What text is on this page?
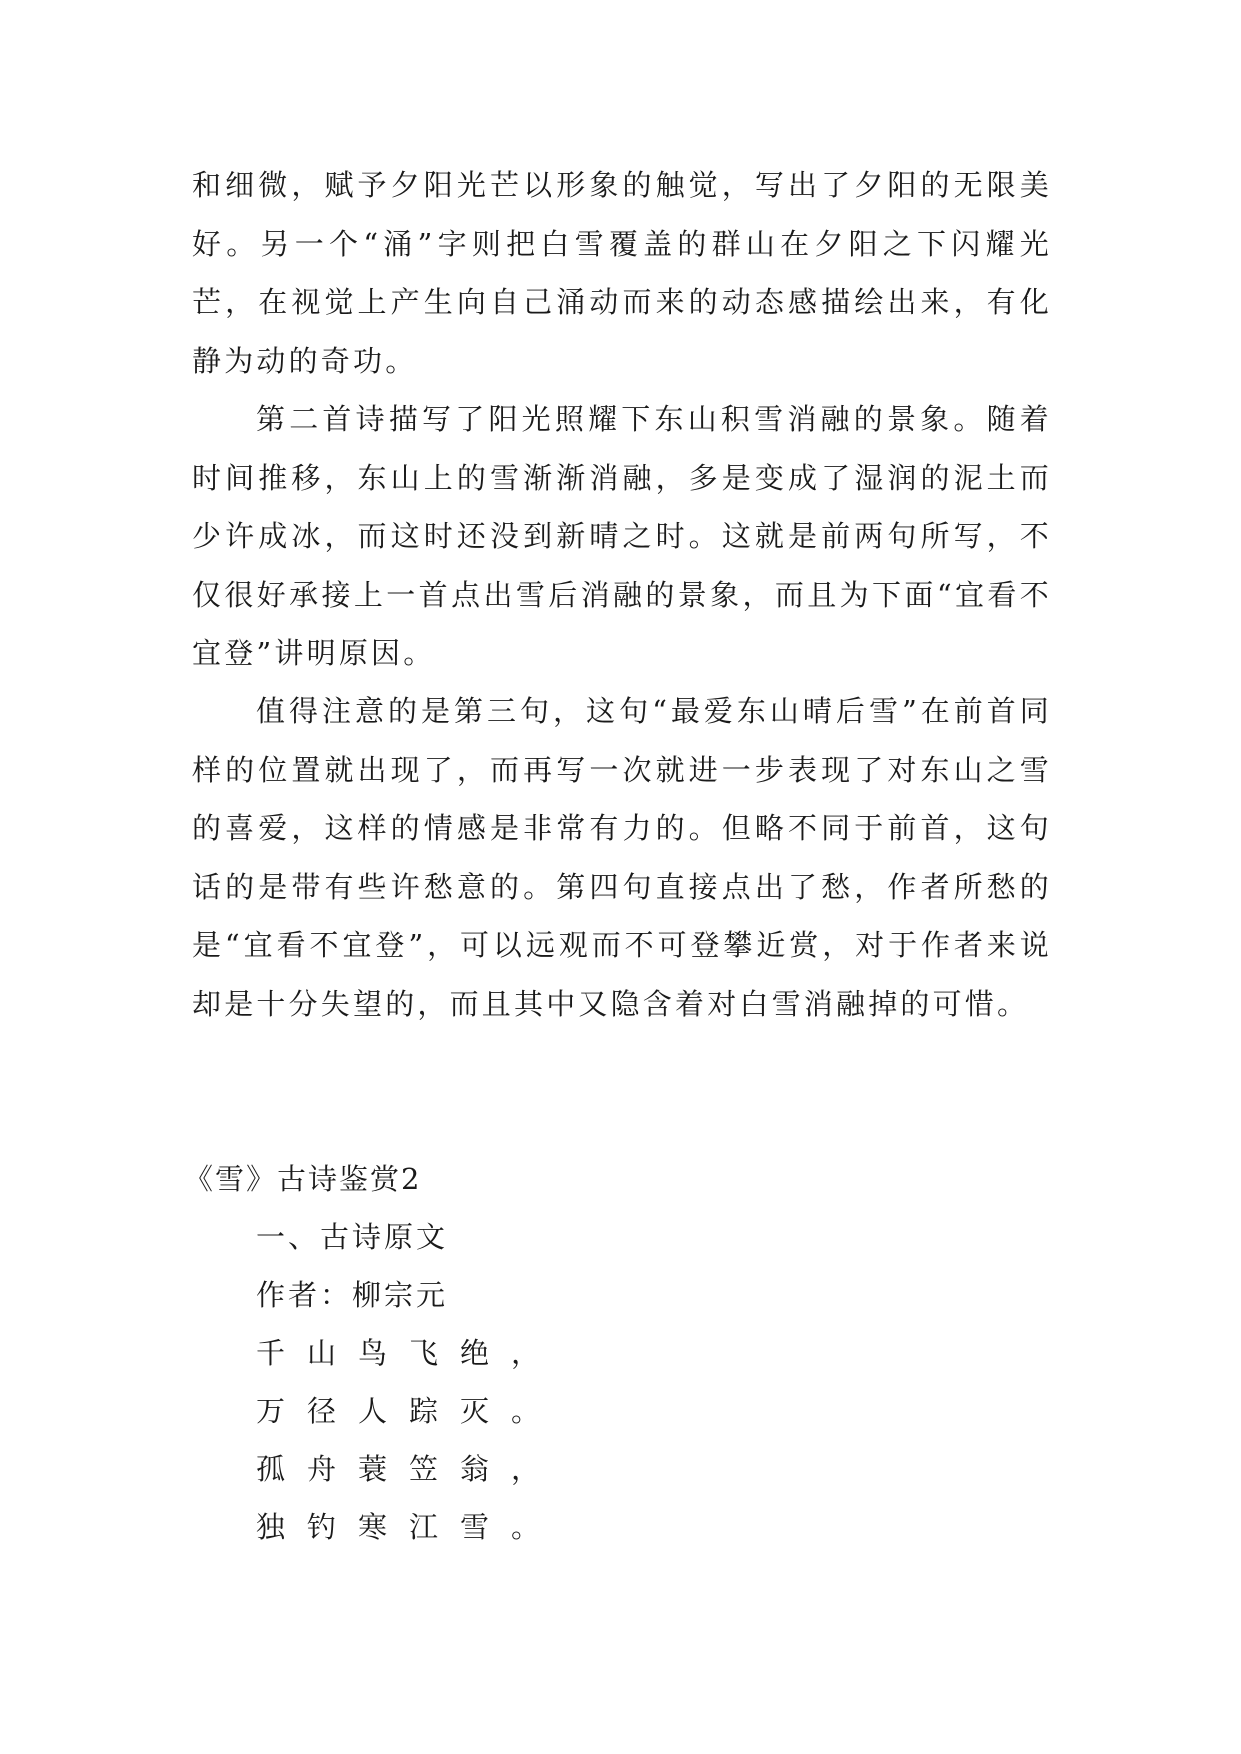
和细微，赋予夕阳光芒以形象的触觉，写出了夕阳的无限美好。另一个“涌”字则把白雪覆盖的群山在夕阳之下闪耀光芒，在视觉上产生向自己涌动而来的动态感描绘出来，有化静为动的奇功。

第二首诗描写了阳光照耀下东山积雪消融的景象。随着时间推移，东山上的雪渐渐消融，多是变成了湿润的泥土而少许成冰，而这时还没到新晴之时。这就是前两句所写，不仅很好承接上一首点出雪后消融的景象，而且为下面“宜看不宜登”讲明原因。

值得注意的是第三句，这句“最爱东山晴后雪”在前首同样的位置就出现了，而再写一次就进一步表现了对东山之雪的喜爱，这样的情感是非常有力的。但略不同于前首，这句话的是带有些许愁意的。第四句直接点出了愁，作者所愁的是“宜看不宜登”，可以远观而不可登攀近赏，对于作者来说却是十分失望的，而且其中又隐含着对白雪消融掉的可惜。

《雪》古诗鉴赏2

一、古诗原文

作者：柳宗元

千山鸟飞绝，

万径人踪灭。

孤舟蓑笠翁，

独钓寒江雪。
